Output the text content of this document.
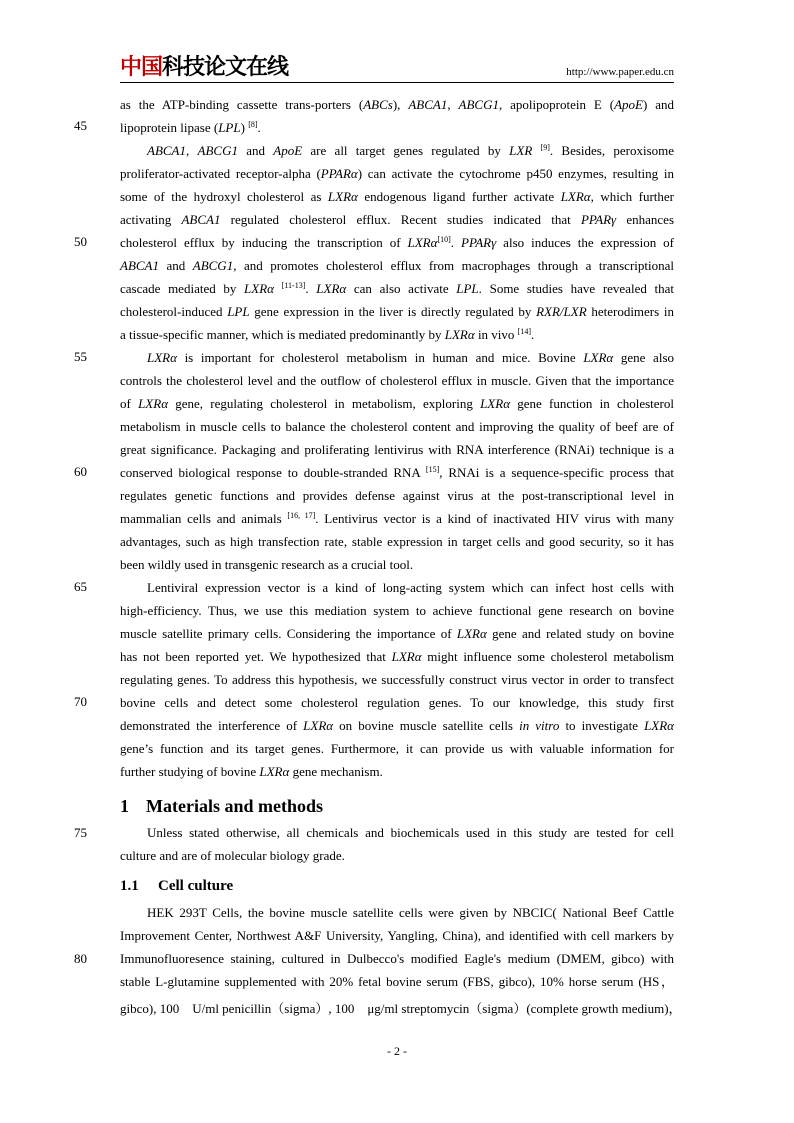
中国科技论文在线	http://www.paper.edu.cn
45
50
55
60
65
70
75
80
as the ATP-binding cassette trans-porters (ABCs), ABCA1, ABCG1, apolipoprotein E (ApoE) and
lipoprotein lipase (LPL) [8].
ABCA1, ABCG1 and ApoE are all target genes regulated by LXR [9]. Besides, peroxisome
proliferator-activated receptor-alpha (PPARα) can activate the cytochrome p450 enzymes, resulting in
some of the hydroxyl cholesterol as LXRα endogenous ligand further activate LXRα, which further
activating ABCA1 regulated cholesterol efflux. Recent studies indicated that PPARγ enhances
cholesterol efflux by inducing the transcription of LXRα[10]. PPARγ also induces the expression of
ABCA1 and ABCG1, and promotes cholesterol efflux from macrophages through a transcriptional
cascade mediated by LXRα [11-13]. LXRα can also activate LPL. Some studies have revealed that
cholesterol-induced LPL gene expression in the liver is directly regulated by RXR/LXR heterodimers in
a tissue-specific manner, which is mediated predominantly by LXRα in vivo [14].
LXRα is important for cholesterol metabolism in human and mice. Bovine LXRα gene also
controls the cholesterol level and the outflow of cholesterol efflux in muscle. Given that the importance
of LXRα gene, regulating cholesterol in metabolism, exploring LXRα gene function in cholesterol
metabolism in muscle cells to balance the cholesterol content and improving the quality of beef are of
great significance. Packaging and proliferating lentivirus with RNA interference (RNAi) technique is a
conserved biological response to double-stranded RNA [15], RNAi is a sequence-specific process that
regulates genetic functions and provides defense against virus at the post-transcriptional level in
mammalian cells and animals [16, 17]. Lentivirus vector is a kind of inactivated HIV virus with many
advantages, such as high transfection rate, stable expression in target cells and good security, so it has
been wildly used in transgenic research as a crucial tool.
Lentiviral expression vector is a kind of long-acting system which can infect host cells with
high-efficiency. Thus, we use this mediation system to achieve functional gene research on bovine
muscle satellite primary cells. Considering the importance of LXRα gene and related study on bovine
has not been reported yet. We hypothesized that LXRα might influence some cholesterol metabolism
regulating genes. To address this hypothesis, we successfully construct virus vector in order to transfect
bovine cells and detect some cholesterol regulation genes. To our knowledge, this study first
demonstrated the interference of LXRα on bovine muscle satellite cells in vitro to investigate LXRα
gene’s function and its target genes. Furthermore, it can provide us with valuable information for
further studying of bovine LXRα gene mechanism.
1 Materials and methods
Unless stated otherwise, all chemicals and biochemicals used in this study are tested for cell
culture and are of molecular biology grade.
1.1 Cell culture
HEK 293T Cells, the bovine muscle satellite cells were given by NBCIC( National Beef Cattle
Improvement Center, Northwest A&F University, Yangling, China), and identified with cell markers by
Immunofluoresence staining, cultured in Dulbecco's modified Eagle's medium (DMEM, gibco) with
stable L-glutamine supplemented with 20% fetal bovine serum (FBS, gibco), 10% horse serum (HS，
gibco), 100　U/ml penicillin（sigma）, 100　μg/ml streptomycin（sigma）(complete growth medium)，
- 2 -
